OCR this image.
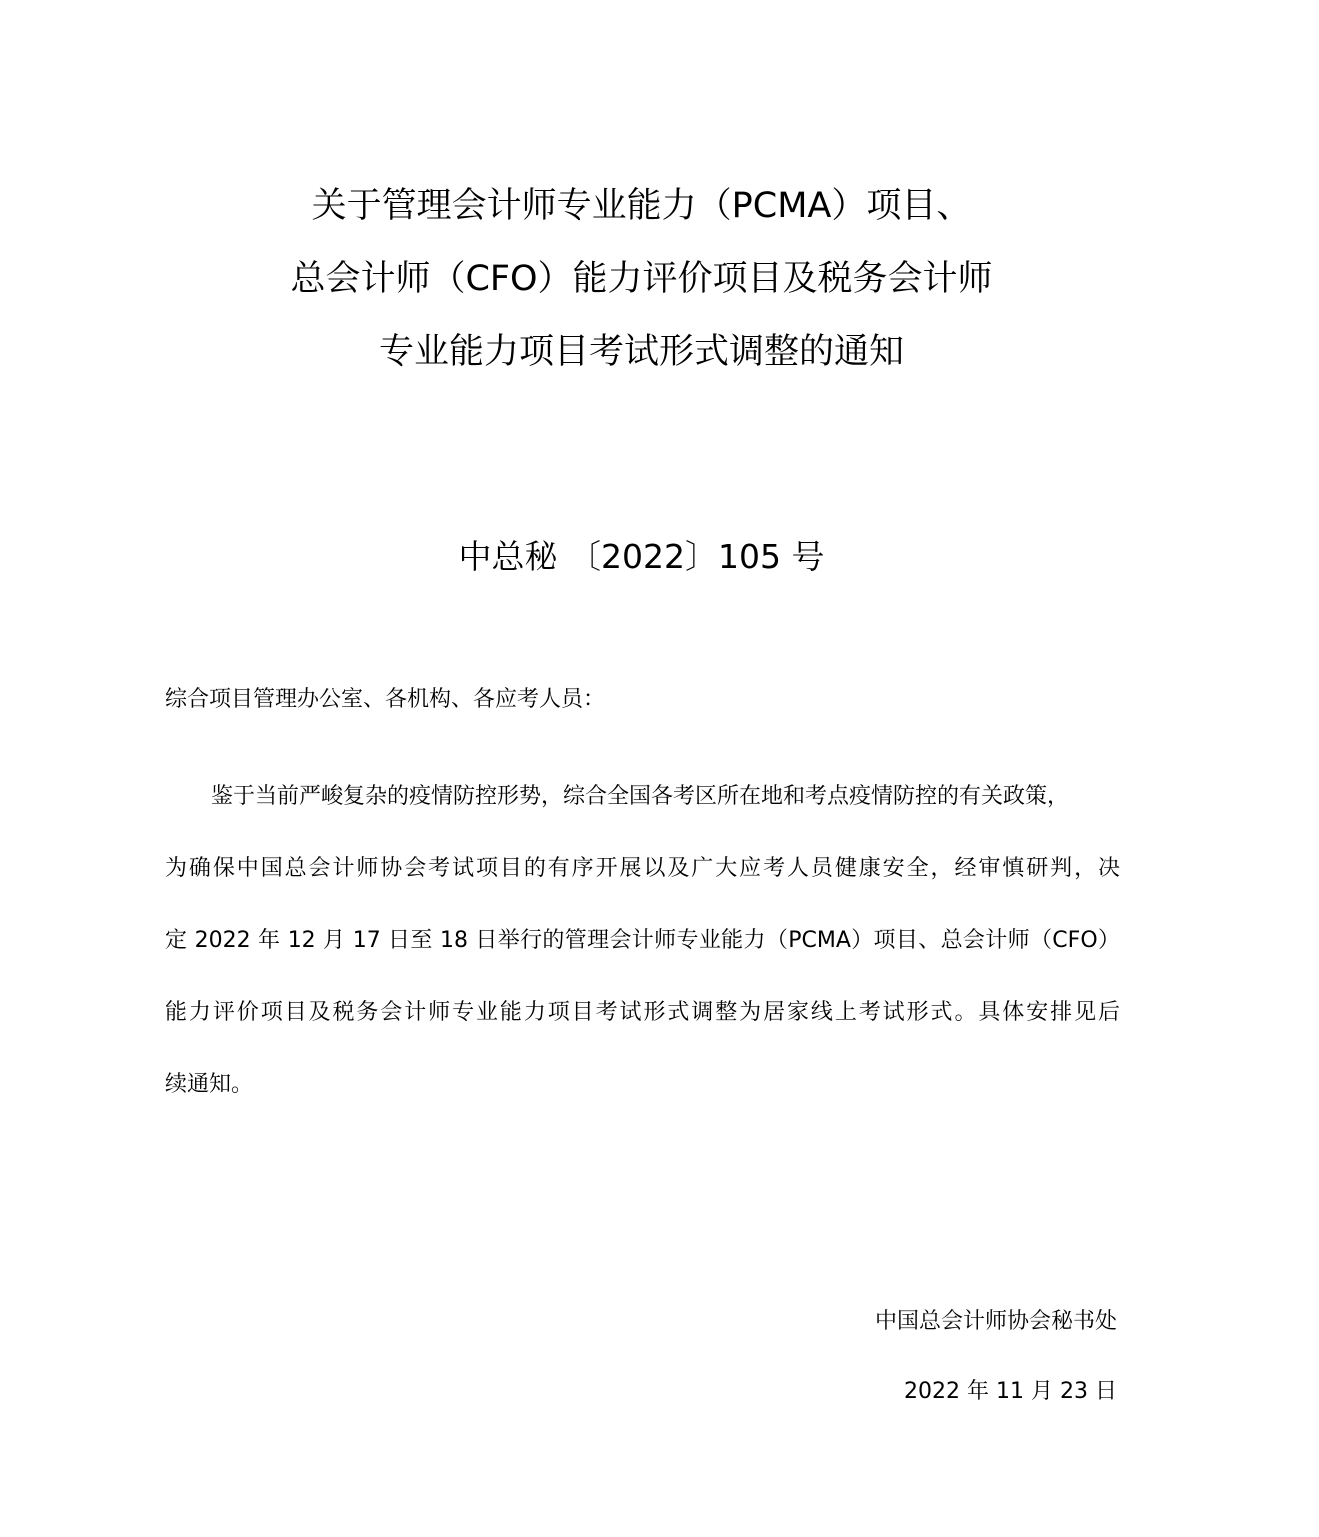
关于管理会计师专业能力（PCMA）项目、
总会计师（CFO）能力评价项目及税务会计师
专业能力项目考试形式调整的通知
中总秘 〔2022〕105 号
综合项目管理办公室、各机构、各应考人员：
鉴于当前严峻复杂的疫情防控形势，综合全国各考区所在地和考点疫情防控的有关政策，
为确保中国总会计师协会考试项目的有序开展以及广大应考人员健康安全，经审慎研判，决
定 2022 年 12 月 17 日至 18 日举行的管理会计师专业能力（PCMA）项目、总会计师（CFO）
能力评价项目及税务会计师专业能力项目考试形式调整为居家线上考试形式。具体安排见后
续通知。
中国总会计师协会秘书处
2022 年 11 月 23 日
